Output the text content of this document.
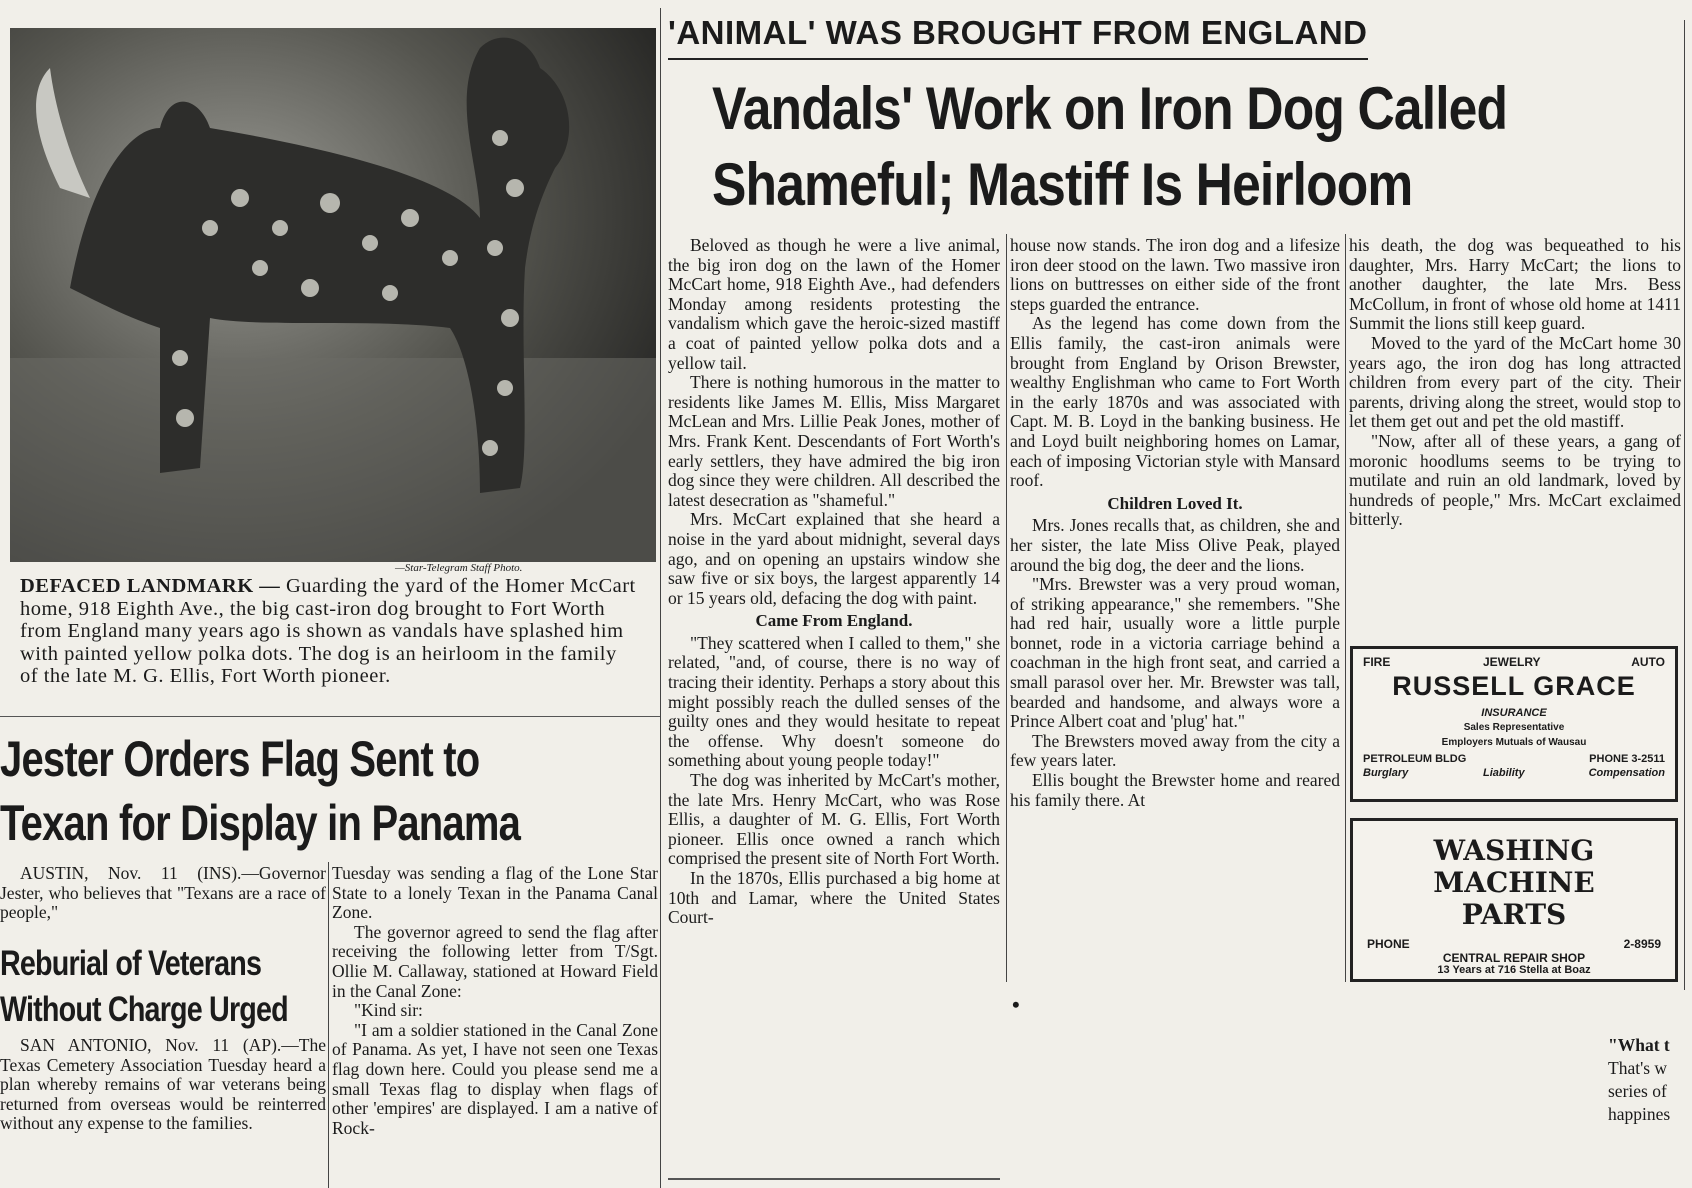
—Star-Telegram Staff Photo.
DEFACED LANDMARK — Guarding the yard of the Homer McCart home, 918 Eighth Ave., the big cast-iron dog brought to Fort Worth from England many years ago is shown as vandals have splashed him with painted yellow polka dots. The dog is an heirloom in the family of the late M. G. Ellis, Fort Worth pioneer.
'ANIMAL' WAS BROUGHT FROM ENGLAND
Vandals' Work on Iron Dog Called
Shameful; Mastiff Is Heirloom

Beloved as though he were a live animal, the big iron dog on the lawn of the Homer McCart home, 918 Eighth Ave., had defenders Monday among residents protesting the vandalism which gave the heroic-sized mastiff a coat of painted yellow polka dots and a yellow tail.

There is nothing humorous in the matter to residents like James M. Ellis, Miss Margaret McLean and Mrs. Lillie Peak Jones, mother of Mrs. Frank Kent. Descendants of Fort Worth's early settlers, they have admired the big iron dog since they were children. All described the latest desecration as "shameful."

Mrs. McCart explained that she heard a noise in the yard about midnight, several days ago, and on opening an upstairs window she saw five or six boys, the largest apparently 14 or 15 years old, defacing the dog with paint.

Came From England.

"They scattered when I called to them," she related, "and, of course, there is no way of tracing their identity. Perhaps a story about this might possibly reach the dulled senses of the guilty ones and they would hesitate to repeat the offense. Why doesn't someone do something about young people today!"

The dog was inherited by McCart's mother, the late Mrs. Henry McCart, who was Rose Ellis, a daughter of M. G. Ellis, Fort Worth pioneer. Ellis once owned a ranch which comprised the present site of North Fort Worth.

In the 1870s, Ellis purchased a big home at 10th and Lamar, where the United States Court-

house now stands. The iron dog and a lifesize iron deer stood on the lawn. Two massive iron lions on buttresses on either side of the front steps guarded the entrance.

As the legend has come down from the Ellis family, the cast-iron animals were brought from England by Orison Brewster, wealthy Englishman who came to Fort Worth in the early 1870s and was associated with Capt. M. B. Loyd in the banking business. He and Loyd built neighboring homes on Lamar, each of imposing Victorian style with Mansard roof.

Children Loved It.

Mrs. Jones recalls that, as children, she and her sister, the late Miss Olive Peak, played around the big dog, the deer and the lions.

"Mrs. Brewster was a very proud woman, of striking appearance," she remembers. "She had red hair, usually wore a little purple bonnet, rode in a victoria carriage behind a coachman in the high front seat, and carried a small parasol over her. Mr. Brewster was tall, bearded and handsome, and always wore a Prince Albert coat and 'plug' hat."

The Brewsters moved away from the city a few years later.

Ellis bought the Brewster home and reared his family there. At

his death, the dog was bequeathed to his daughter, Mrs. Harry McCart; the lions to another daughter, the late Mrs. Bess McCollum, in front of whose old home at 1411 Summit the lions still keep guard.

Moved to the yard of the McCart home 30 years ago, the iron dog has long attracted children from every part of the city. Their parents, driving along the street, would stop to let them get out and pet the old mastiff.

"Now, after all of these years, a gang of moronic hoodlums seems to be trying to mutilate and ruin an old landmark, loved by hundreds of people," Mrs. McCart exclaimed bitterly.

FIRE	JEWELRY	AUTO
RUSSELL GRACE
INSURANCE
Sales Representative
Employers Mutuals of Wausau
PETROLEUM BLDG	PHONE 3-2511
Burglary	Liability	Compensation
WASHING
MACHINE
PARTS
PHONE	2-8959
CENTRAL REPAIR SHOP
13 Years at 716 Stella at Boaz
•
"What t
That's w
series of
happines
Jester Orders Flag Sent to
Texan for Display in Panama

AUSTIN, Nov. 11 (INS).—Governor Jester, who believes that "Texans are a race of people,"

Tuesday was sending a flag of the Lone Star State to a lonely Texan in the Panama Canal Zone.

The governor agreed to send the flag after receiving the following letter from T/Sgt. Ollie M. Callaway, stationed at Howard Field in the Canal Zone:

"Kind sir:

"I am a soldier stationed in the Canal Zone of Panama. As yet, I have not seen one Texas flag down here. Could you please send me a small Texas flag to display when flags of other 'empires' are displayed. I am a native of Rock-

Reburial of Veterans
Without Charge Urged

SAN ANTONIO, Nov. 11 (AP).—The Texas Cemetery Association Tuesday heard a plan whereby remains of war veterans being returned from overseas would be reinterred without any expense to the families.
